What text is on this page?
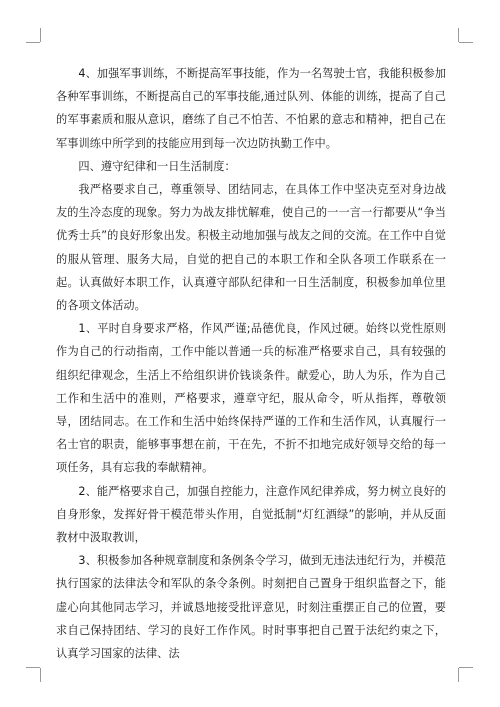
4、加强军事训练，不断提高军事技能，作为一名驾驶士官，我能积极参加各种军事训练，不断提高自己的军事技能,通过队列、体能的训练，提高了自己的军事素质和服从意识，磨练了自己不怕苦、不怕累的意志和精神，把自己在军事训练中所学到的技能应用到每一次边防执勤工作中。

四、遵守纪律和一日生活制度：

我严格要求自己，尊重领导、团结同志，在具体工作中坚决克至对身边战友的生冷态度的现象。努力为战友排忧解难，使自己的一一言一行都要从“争当优秀士兵”的良好形象出发。积极主动地加强与战友之间的交流。在工作中自觉的服从管理、服务大局，自觉的把自己的本职工作和全队各项工作联系在一起。认真做好本职工作，认真遵守部队纪律和一日生活制度，积极参加单位里的各项文体活动。

1、平时自身要求严格，作风严谨;品德优良，作风过硬。始终以党性原则作为自己的行动指南，工作中能以普通一兵的标准严格要求自己，具有较强的组织纪律观念，生活上不给组织讲价钱谈条件。献爱心，助人为乐，作为自己工作和生活中的准则，严格要求，遵章守纪，服从命令，听从指挥，尊敬领导，团结同志。在工作和生活中始终保持严谨的工作和生活作风，认真履行一名士官的职责，能够事事想在前，干在先，不折不扣地完成好领导交给的每一项任务，具有忘我的奉献精神。

2、能严格要求自己，加强自控能力，注意作风纪律养成，努力树立良好的自身形象，发挥好骨干模范带头作用，自觉抵制“灯红酒绿”的影响，并从反面教材中汲取教训，

3、积极参加各种规章制度和条例条令学习，做到无违法违纪行为，并模范执行国家的法律法令和军队的条令条例。时刻把自己置身于组织监督之下，能虚心向其他同志学习，并诚恳地接受批评意见，时刻注重摆正自己的位置，要求自己保持团结、学习的良好工作作风。时时事事把自己置于法纪约束之下，认真学习国家的法律、法
